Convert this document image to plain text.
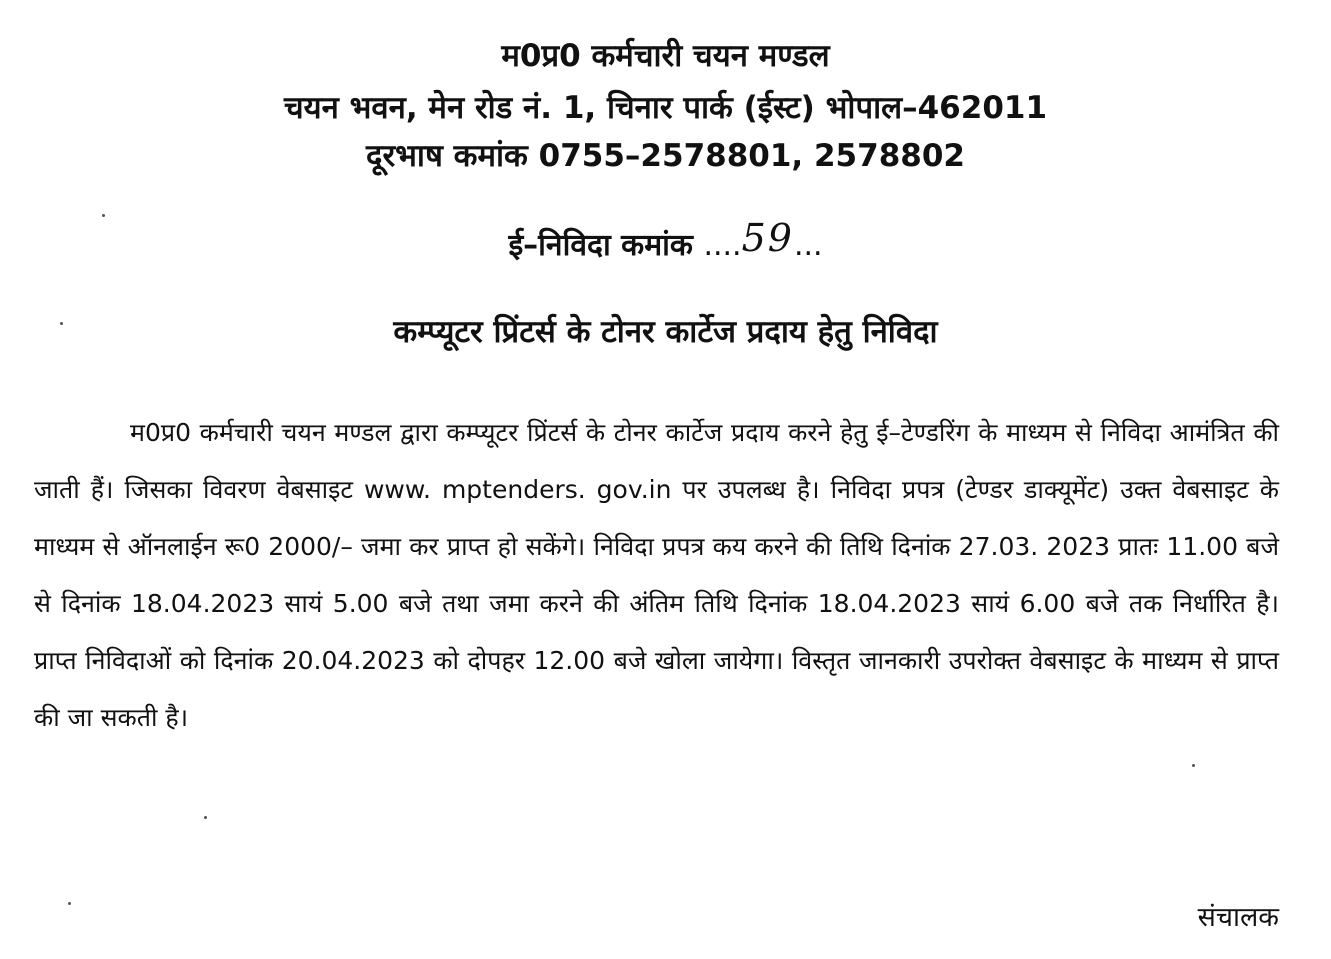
म0प्र0 कर्मचारी चयन मण्डल
चयन भवन, मेन रोड नं. 1, चिनार पार्क (ईस्ट) भोपाल–462011
दूरभाष कमांक 0755–2578801, 2578802
ई–निविदा कमांक ....59...
कम्प्यूटर प्रिंटर्स के टोनर कार्टेज प्रदाय हेतु निविदा

म0प्र0 कर्मचारी चयन मण्डल द्वारा कम्प्यूटर प्रिंटर्स के टोनर कार्टेज प्रदाय करने हेतु ई–टेण्डरिंग के माध्यम से निविदा आमंत्रित की जाती हैं। जिसका विवरण वेबसाइट www. mptenders. gov.in पर उपलब्ध है। निविदा प्रपत्र (टेण्डर डाक्यूमेंट) उक्त वेबसाइट के माध्यम से ऑनलाईन रू0 2000/– जमा कर प्राप्त हो सकेंगे। निविदा प्रपत्र कय करने की तिथि दिनांक 27.03. 2023 प्रातः 11.00 बजे से दिनांक 18.04.2023 सायं 5.00 बजे तथा जमा करने की अंतिम तिथि दिनांक 18.04.2023 सायं 6.00 बजे तक निर्धारित है। प्राप्त निविदाओं को दिनांक 20.04.2023 को दोपहर 12.00 बजे खोला जायेगा। विस्तृत जानकारी उपरोक्त वेबसाइट के माध्यम से प्राप्त की जा सकती है।

संचालक
